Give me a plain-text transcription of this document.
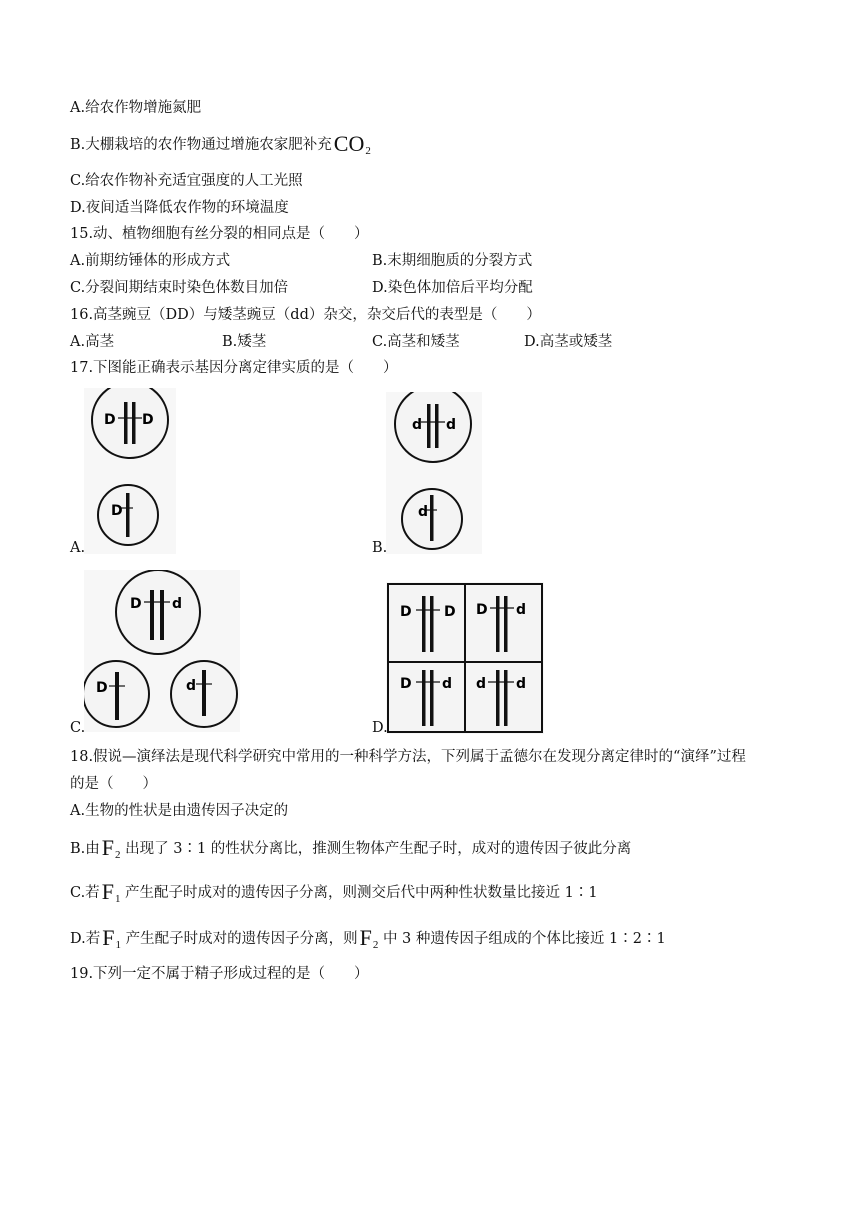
A.给农作物增施氮肥
B.大棚栽培的农作物通过增施农家肥补充$CO_2$
C.给农作物补充适宜强度的人工光照
D.夜间适当降低农作物的环境温度
15.动、植物细胞有丝分裂的相同点是（　　）
A.前期纺锤体的形成方式	B.末期细胞质的分裂方式
C.分裂间期结束时染色体数目加倍	D.染色体加倍后平均分配
16.高茎豌豆（DD）与矮茎豌豆（dd）杂交，杂交后代的表型是（　　）
A.高茎	B.矮茎	C.高茎和矮茎	D.高茎或矮茎
17.下图能正确表示基因分离定律实质的是（　　）
D D
D
A.
d d
d
B.
D d
D	d
C.
D D D d
D d d d
D.
18.假说—演绎法是现代科学研究中常用的一种科学方法，下列属于孟德尔在发现分离定律时的“演绎”过程
的是（　　）
A.生物的性状是由遗传因子决定的
B.由$F_2$ 出现了 3∶1 的性状分离比，推测生物体产生配子时，成对的遗传因子彼此分离
C.若$F_1$ 产生配子时成对的遗传因子分离，则测交后代中两种性状数量比接近 1∶1
D.若$F_1$ 产生配子时成对的遗传因子分离，则$F_2$ 中 3 种遗传因子组成的个体比接近 1∶2∶1
19.下列一定不属于精子形成过程的是（　　）
